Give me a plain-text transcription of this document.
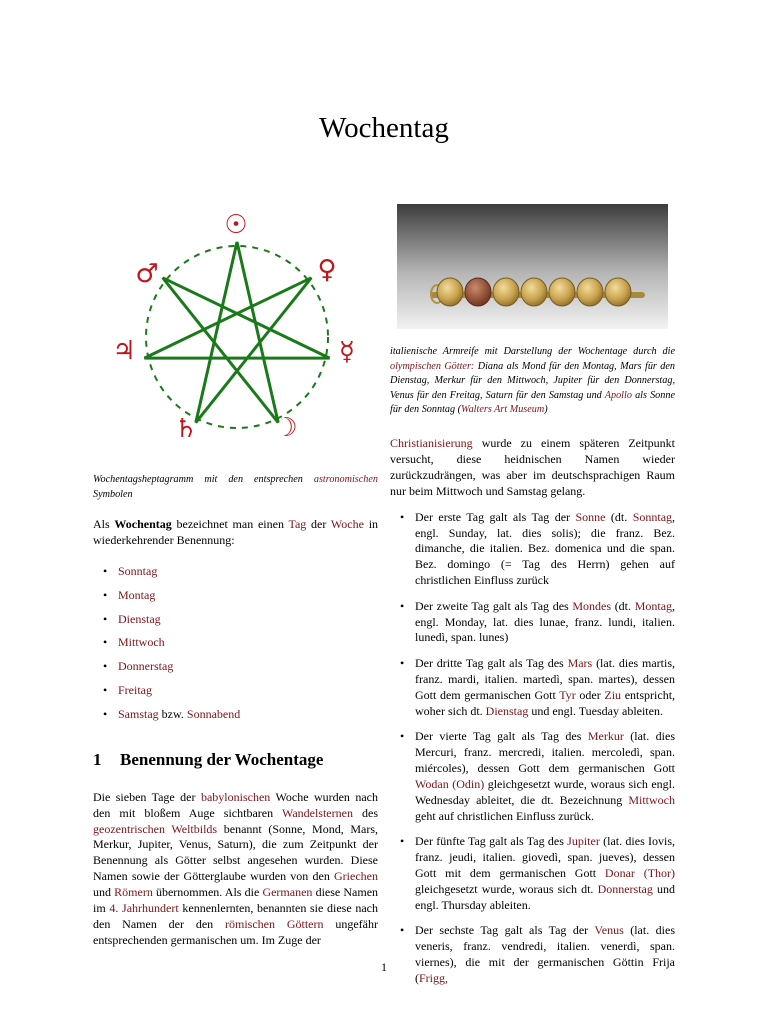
Wochentag
☉
♀
☿
☽
♄
♃
♂

Wochentagsheptagramm mit den entsprechen astronomischen Symbolen

Als Wochentag bezeichnet man einen Tag der Woche in wiederkehrender Benennung:

• Sonntag
• Montag
• Dienstag
• Mittwoch
• Donnerstag
• Freitag
• Samstag bzw. Sonnabend
1 Benennung der Wochentage

Die sieben Tage der babylonischen Woche wurden nach den mit bloßem Auge sichtbaren Wandelsternen des geozentrischen Weltbilds benannt (Sonne, Mond, Mars, Merkur, Jupiter, Venus, Saturn), die zum Zeitpunkt der Benennung als Götter selbst angesehen wurden. Diese Namen sowie der Götterglaube wurden von den Griechen und Römern übernommen. Als die Germanen diese Namen im 4. Jahrhundert kennenlernten, benannten sie diese nach den Namen der den römischen Göttern ungefähr entsprechenden germanischen um. Im Zuge der

italienische Armreife mit Darstellung der Wochentage durch die olympischen Götter: Diana als Mond für den Montag, Mars für den Dienstag, Merkur für den Mittwoch, Jupiter für den Donnerstag, Venus für den Freitag, Saturn für den Samstag und Apollo als Sonne für den Sonntag (Walters Art Museum)

Christianisierung wurde zu einem späteren Zeitpunkt versucht, diese heidnischen Namen wieder zurückzudrängen, was aber im deutschsprachigen Raum nur beim Mittwoch und Samstag gelang.

• Der erste Tag galt als Tag der Sonne (dt. Sonntag, engl. Sunday, lat. dies solis); die franz. Bez. dimanche, die italien. Bez. domenica und die span. Bez. domingo (= Tag des Herrn) gehen auf christlichen Einfluss zurück
• Der zweite Tag galt als Tag des Mondes (dt. Montag, engl. Monday, lat. dies lunae, franz. lundi, italien. lunedì, span. lunes)
• Der dritte Tag galt als Tag des Mars (lat. dies martis, franz. mardi, italien. martedì, span. martes), dessen Gott dem germanischen Gott Tyr oder Ziu entspricht, woher sich dt. Dienstag und engl. Tuesday ableiten.
• Der vierte Tag galt als Tag des Merkur (lat. dies Mercuri, franz. mercredi, italien. mercoledì, span. miércoles), dessen Gott dem germanischen Gott Wodan (Odin) gleichgesetzt wurde, woraus sich engl. Wednesday ableitet, die dt. Bezeichnung Mittwoch geht auf christlichen Einfluss zurück.
• Der fünfte Tag galt als Tag des Jupiter (lat. dies Iovis, franz. jeudi, italien. giovedì, span. jueves), dessen Gott mit dem germanischen Gott Donar (Thor) gleichgesetzt wurde, woraus sich dt. Donnerstag und engl. Thursday ableiten.
• Der sechste Tag galt als Tag der Venus (lat. dies veneris, franz. vendredi, italien. venerdì, span. viernes), die mit der germanischen Göttin Frija (Frigg,
1
